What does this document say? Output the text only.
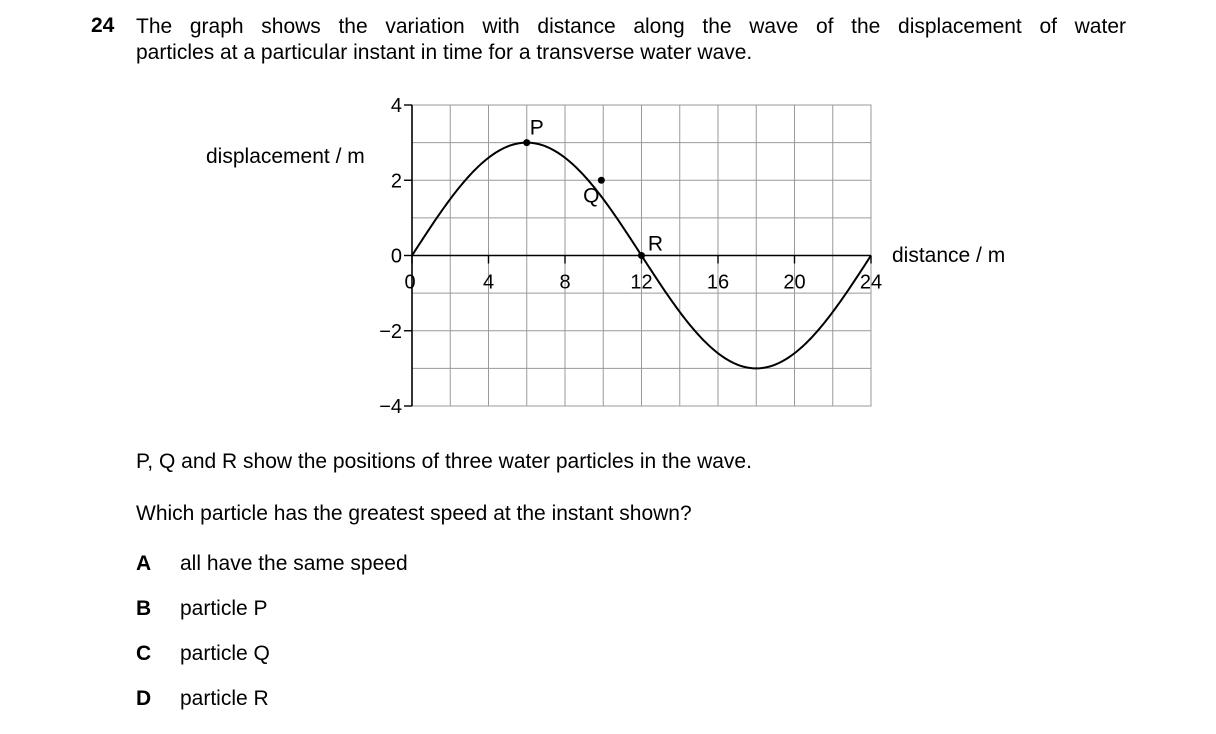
24 The graph shows the variation with distance along the wave of the displacement of water
particles at a particular instant in time for a transverse water wave.
displacement / m
distance / m
4
2
0
−2
−4
0	4	8	12	16	20	24
P
Q
R
P, Q and R show the positions of three water particles in the wave.
Which particle has the greatest speed at the instant shown?
A all have the same speed
B particle P
C particle Q
D particle R
